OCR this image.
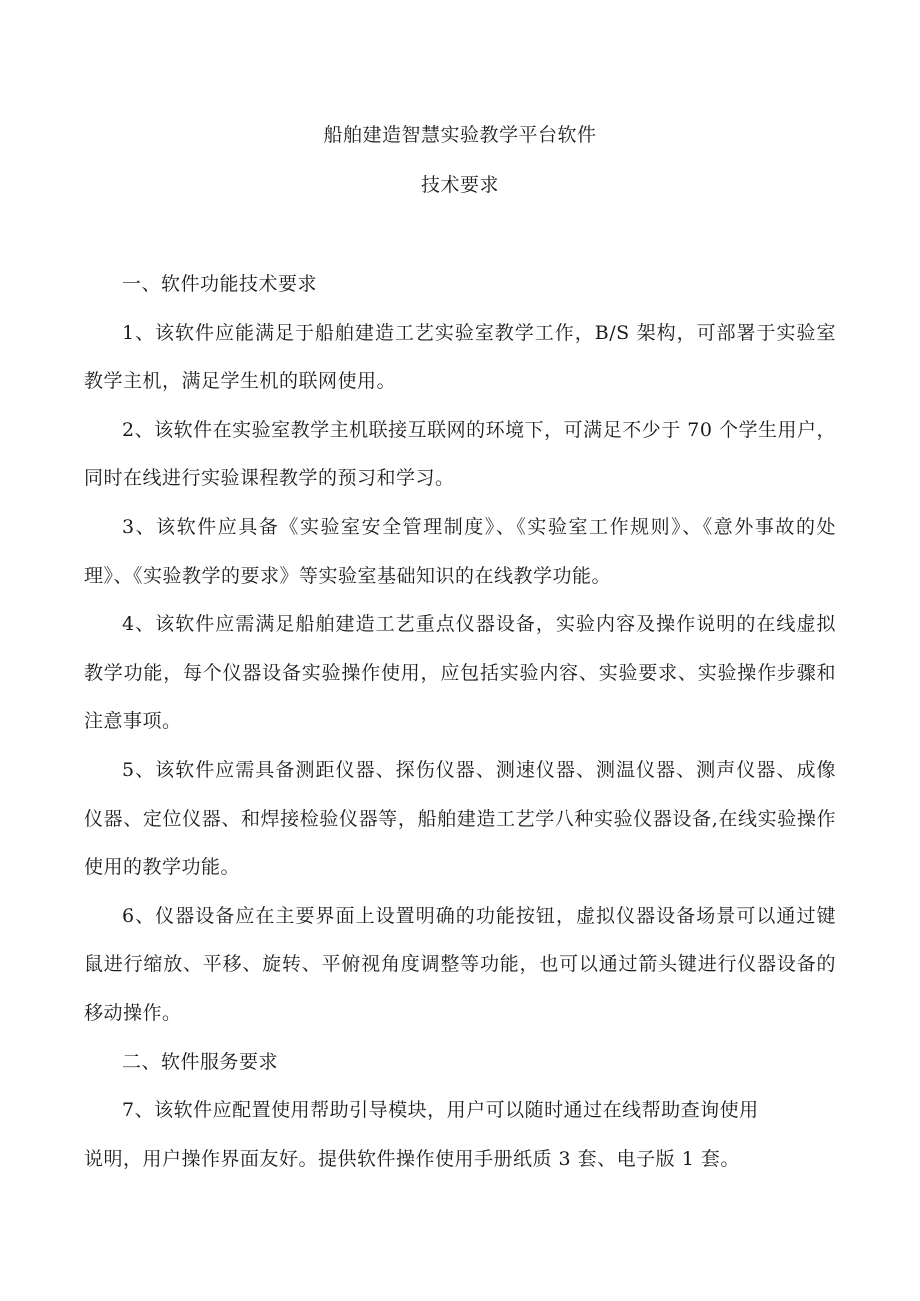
船舶建造智慧实验教学平台软件
技术要求

一、软件功能技术要求

1、该软件应能满足于船舶建造工艺实验室教学工作，B/S 架构，可部署于实验室教学主机，满足学生机的联网使用。

2、该软件在实验室教学主机联接互联网的环境下，可满足不少于 70 个学生用户，同时在线进行实验课程教学的预习和学习。

3、该软件应具备《实验室安全管理制度》、《实验室工作规则》、《意外事故的处理》、《实验教学的要求》等实验室基础知识的在线教学功能。

4、该软件应需满足船舶建造工艺重点仪器设备，实验内容及操作说明的在线虚拟教学功能，每个仪器设备实验操作使用，应包括实验内容、实验要求、实验操作步骤和注意事项。

5、该软件应需具备测距仪器、探伤仪器、测速仪器、测温仪器、测声仪器、成像仪器、定位仪器、和焊接检验仪器等，船舶建造工艺学八种实验仪器设备,在线实验操作使用的教学功能。

6、仪器设备应在主要界面上设置明确的功能按钮，虚拟仪器设备场景可以通过键鼠进行缩放、平移、旋转、平俯视角度调整等功能，也可以通过箭头键进行仪器设备的移动操作。

二、软件服务要求

7、该软件应配置使用帮助引导模块，用户可以随时通过在线帮助查询使用

说明，用户操作界面友好。提供软件操作使用手册纸质 3 套、电子版 1 套。
